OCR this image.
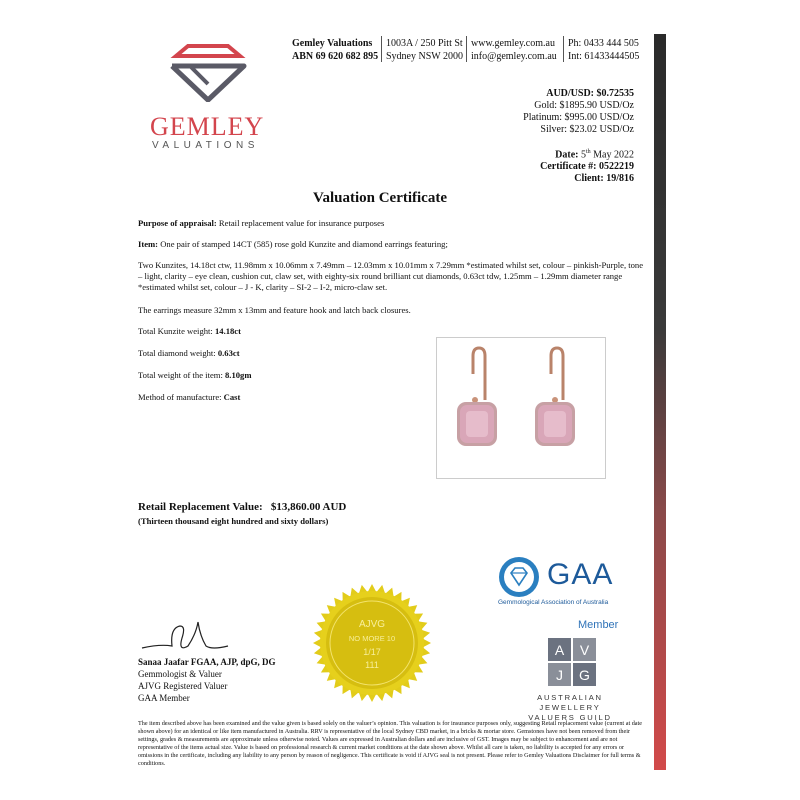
GEMLEY
VALUATIONS
Gemley Valuations
ABN 69 620 682 895
1003A / 250 Pitt St
Sydney NSW 2000
www.gemley.com.au
info@gemley.com.au
Ph: 0433 444 505
Int: 61433444505
AUD/USD: $0.72535
Gold: $1895.90 USD/Oz
Platinum: $995.00 USD/Oz
Silver: $23.02 USD/Oz
Date: 5th May 2022
Certificate #: 0522219
Client: 19/816
Valuation Certificate
Purpose of appraisal: Retail replacement value for insurance purposes
Item: One pair of stamped 14CT (585) rose gold Kunzite and diamond earrings featuring;
Two Kunzites, 14.18ct ctw, 11.98mm x 10.06mm x 7.49mm – 12.03mm x 10.01mm x 7.29mm *estimated whilst set, colour – pinkish-Purple, tone – light, clarity – eye clean, cushion cut, claw set, with eighty-six round brilliant cut diamonds, 0.63ct tdw, 1.25mm – 1.29mm diameter range *estimated whilst set, colour – J - K, clarity – SI-2 – I-2, micro-claw set.
The earrings measure 32mm x 13mm and feature hook and latch back closures.
Total Kunzite weight: 14.18ct
Total diamond weight: 0.63ct
Total weight of the item: 8.10gm
Method of manufacture: Cast
Retail Replacement Value: $13,860.00 AUD
(Thirteen thousand eight hundred and sixty dollars)
AJVG
NO MORE 10
1/17
111
Sanaa Jaafar FGAA, AJP, dpG, DG
Gemmologist & Valuer
AJVG Registered Valuer
GAA Member
GAA
Gemmological Association of Australia
Member
A V
J G
AUSTRALIAN JEWELLERY
VALUERS GUILD
The item described above has been examined and the value given is based solely on the valuer’s opinion. This valuation is for insurance purposes only, suggesting Retail replacement value (current at date shown above) for an identical or like item manufactured in Australia. RRV is representative of the local Sydney CBD market, in a bricks & mortar store. Gemstones have not been removed from their settings, grades & measurements are approximate unless otherwise noted. Values are expressed in Australian dollars and are inclusive of GST. Images may be subject to enhancement and are not representative of the items actual size. Value is based on professional research & current market conditions at the date shown above. Whilst all care is taken, no liability is accepted for any errors or omissions in the certificate, including any liability to any person by reason of negligence. This certificate is void if AJVG seal is not present. Please refer to Gemley Valuations Disclaimer for full terms & conditions.
